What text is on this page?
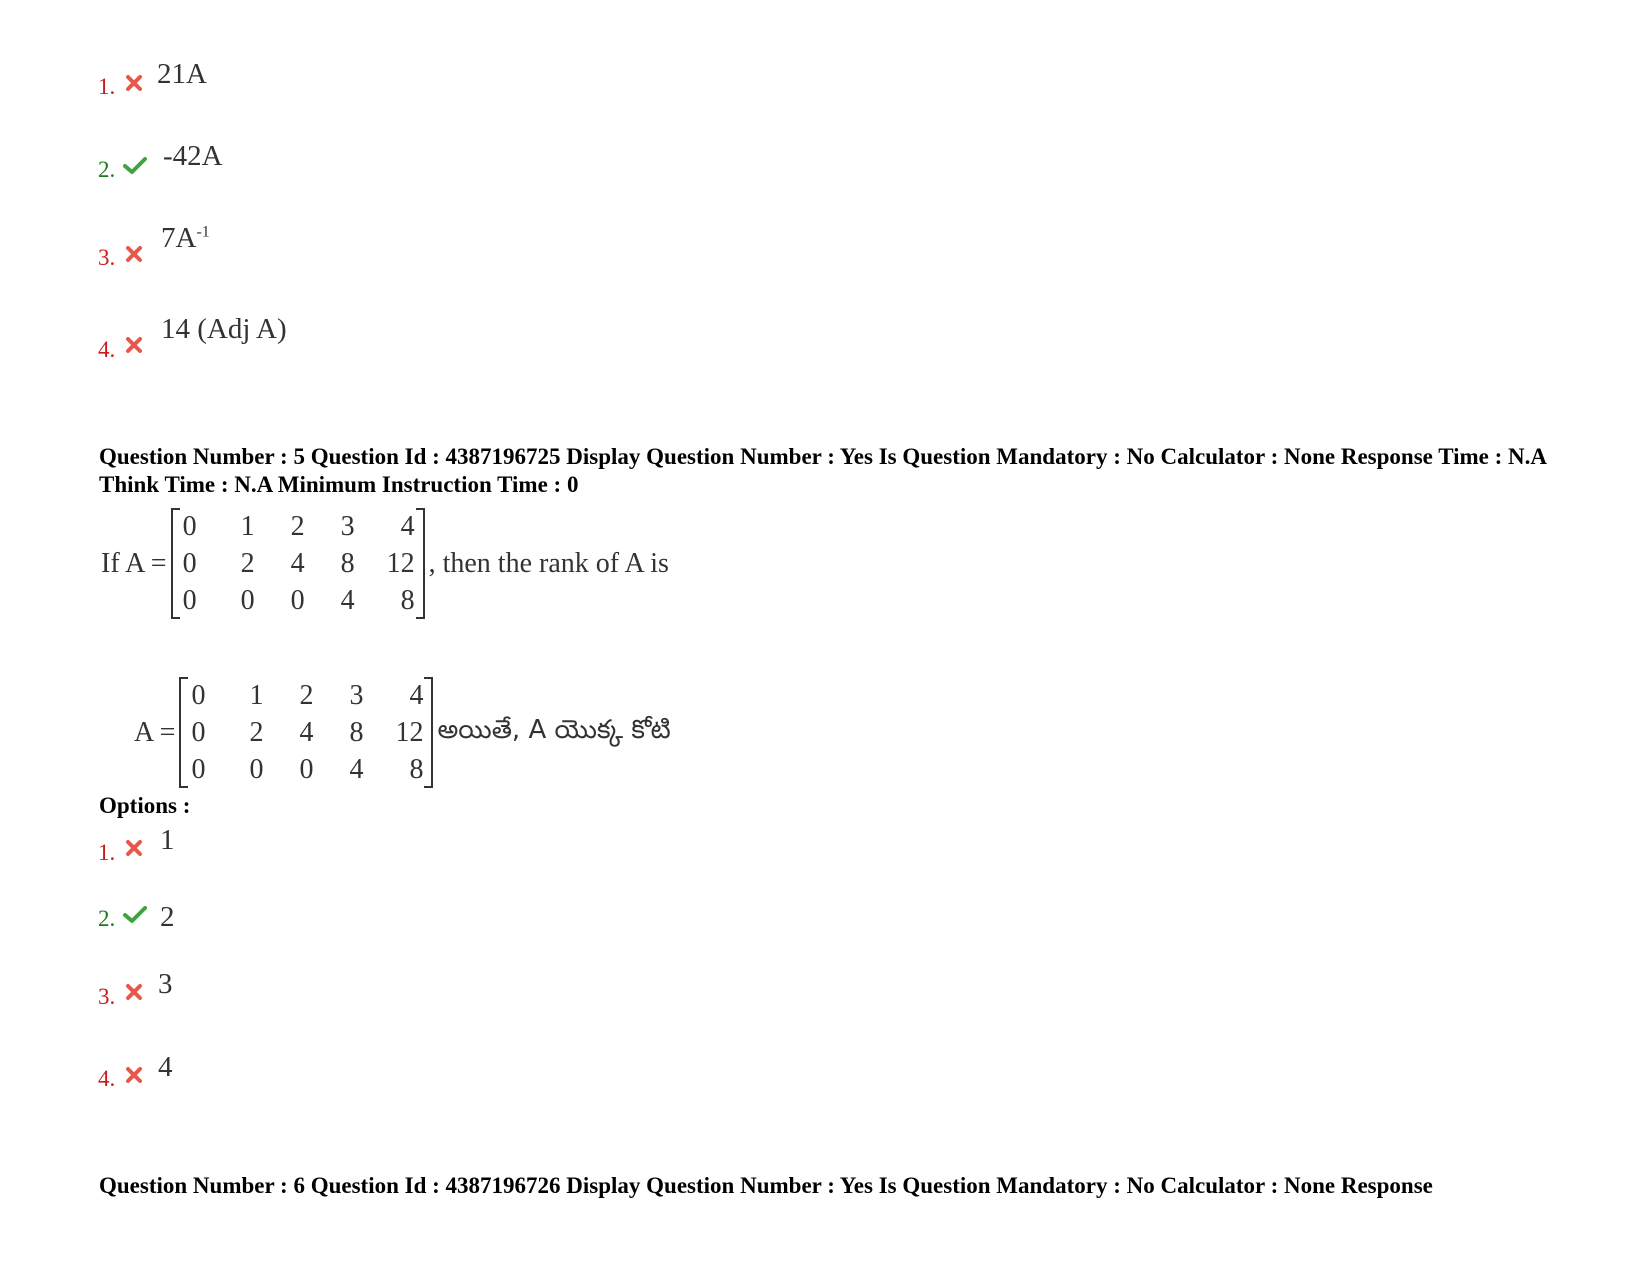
1. 21A
2. -42A
3.
$7A^{-1}$
4.
14 (Adj A)
Question Number : 5 Question Id : 4387196725 Display Question Number : Yes Is Question Mandatory : No Calculator : None Response Time : N.A Think Time : N.A Minimum Instruction Time : 0
If A =
0	1	2	3	4
0	2	4	8	12
0	0	0	4	8
, then the rank of A is
A =
0	1	2	3	4
0	2	4	8	12
0	0	0	4	8
అయితే, A యొక్క కోటి
Options :
1. 1
2. 2
3. 3
4. 4
Question Number : 6 Question Id : 4387196726 Display Question Number : Yes Is Question Mandatory : No Calculator : None Response
